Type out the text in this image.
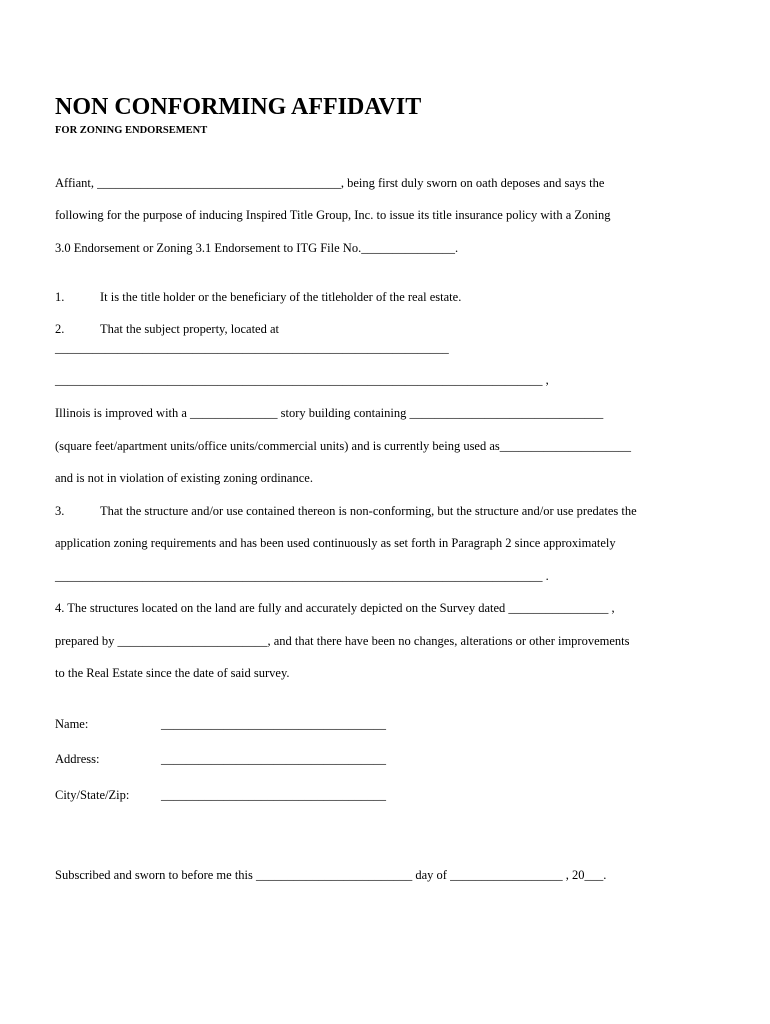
NON CONFORMING AFFIDAVIT
FOR ZONING ENDORSEMENT
Affiant, _______________________________________, being first duly sworn on oath deposes and says the
following for the purpose of inducing Inspired Title Group, Inc. to issue its title insurance policy with a Zoning
3.0 Endorsement or Zoning 3.1 Endorsement to ITG File No._______________.
1.	It is the title holder or the beneficiary of the titleholder of the real estate.
2.	That the subject property, located at
_______________________________________________________________
______________________________________________________________________________ ,
Illinois is improved with a ______________ story building containing _______________________________
(square feet/apartment units/office units/commercial units) and is currently being used as_____________________
and is not in violation of existing zoning ordinance.
3.	That the structure and/or use contained thereon is non-conforming, but the structure and/or use predates the
application zoning requirements and has been used continuously as set forth in Paragraph 2 since approximately
______________________________________________________________________________ .
4. The structures located on the land are fully and accurately depicted on the Survey dated ________________ ,
prepared by ________________________, and that there have been no changes, alterations or other improvements
to the Real Estate since the date of said survey.
Name:	____________________________________
Address:	____________________________________
City/State/Zip:	____________________________________
Subscribed and sworn to before me this _________________________ day of __________________ , 20___.
